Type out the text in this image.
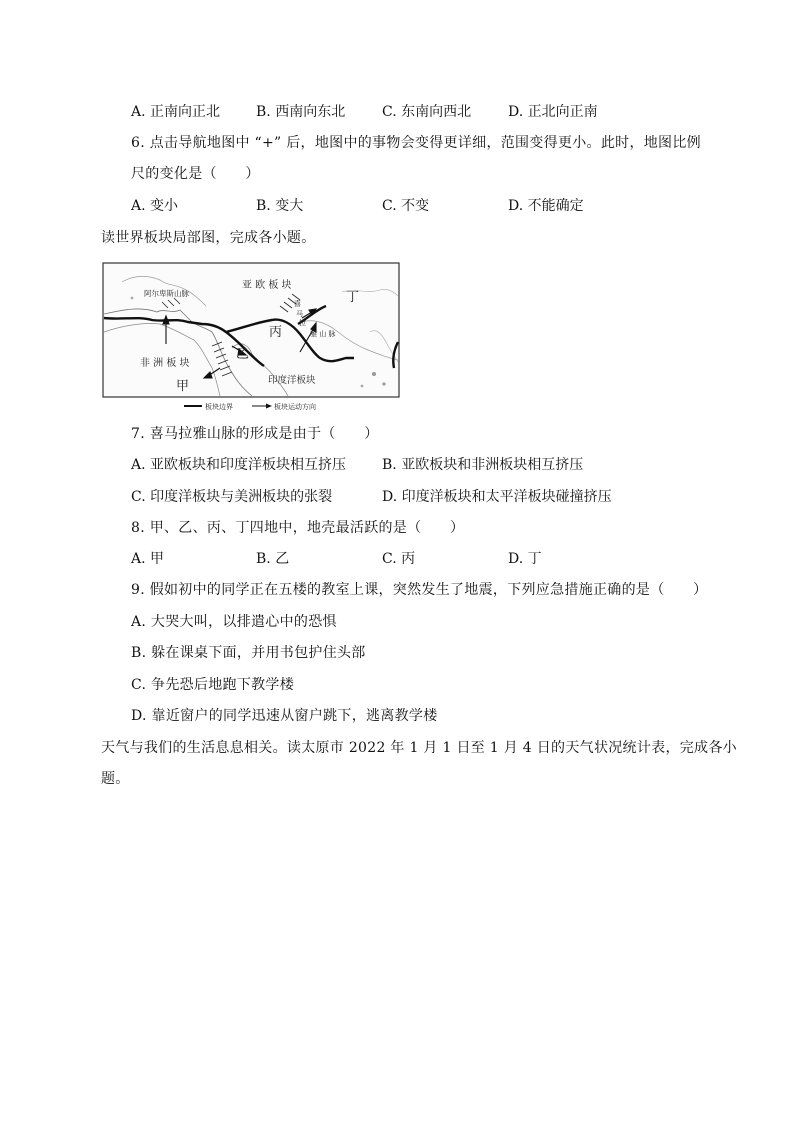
A. 正南向正北	B. 西南向东北	C. 东南向西北	D. 正北向正南
6. 点击导航地图中 “+” 后，地图中的事物会变得更详细，范围变得更小。此时，地图比例
尺的变化是（　　）
A. 变小	B. 变大	C. 不变	D. 不能确定
读世界板块局部图，完成各小题。
亚 欧 板 块
非 洲 板 块
印度洋板块
阿尔卑斯山脉
喜
马
拉
雅 山 脉
甲
乙
丙
丁
板块边界	板块运动方向
7. 喜马拉雅山脉的形成是由于（　　）
A. 亚欧板块和印度洋板块相互挤压	B. 亚欧板块和非洲板块相互挤压
C. 印度洋板块与美洲板块的张裂	D. 印度洋板块和太平洋板块碰撞挤压
8. 甲、乙、丙、丁四地中，地壳最活跃的是（　　）
A. 甲	B. 乙	C. 丙	D. 丁
9. 假如初中的同学正在五楼的教室上课，突然发生了地震，下列应急措施正确的是（　　）
A. 大哭大叫，以排遣心中的恐惧
B. 躲在课桌下面，并用书包护住头部
C. 争先恐后地跑下教学楼
D. 靠近窗户的同学迅速从窗户跳下，逃离教学楼
天气与我们的生活息息相关。读太原市 2022 年 1 月 1 日至 1 月 4 日的天气状况统计表，完成各小
题。
